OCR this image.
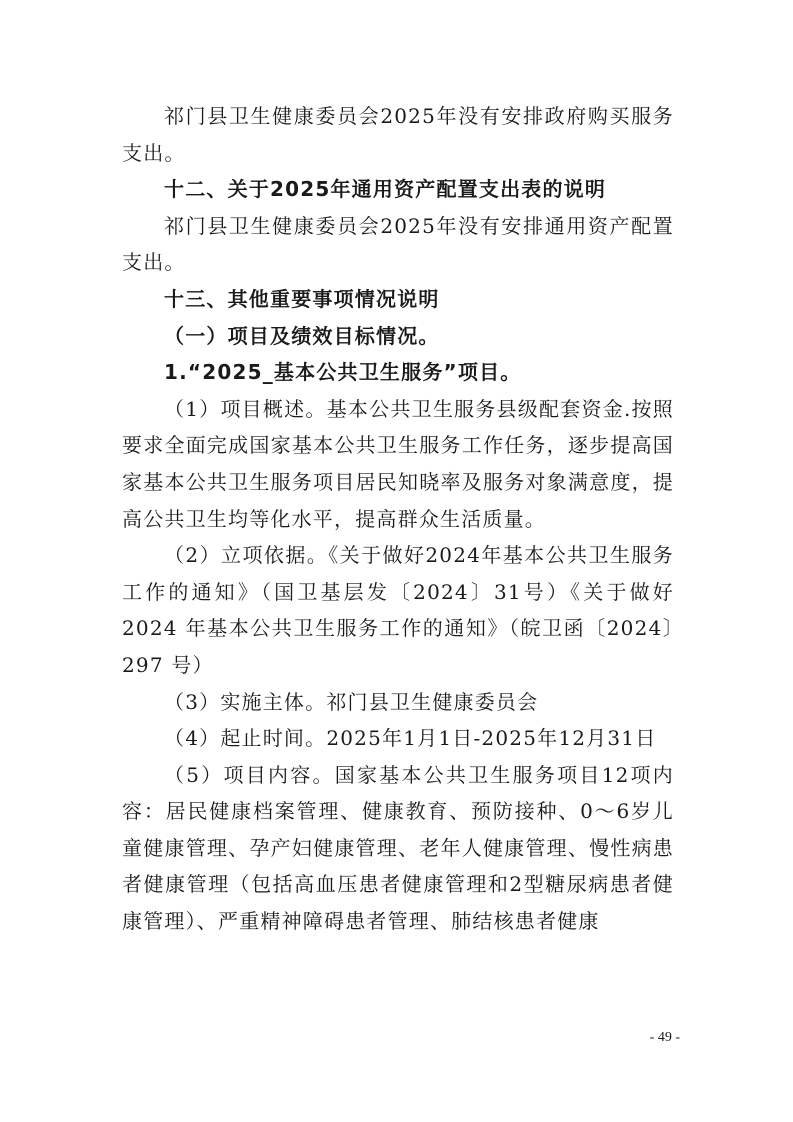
祁门县卫生健康委员会2025年没有安排政府购买服务支出。

十二、关于2025年通用资产配置支出表的说明

祁门县卫生健康委员会2025年没有安排通用资产配置支出。

十三、其他重要事项情况说明

（一）项目及绩效目标情况。

1.“2025_基本公共卫生服务”项目。

（1）项目概述。基本公共卫生服务县级配套资金.按照要求全面完成国家基本公共卫生服务工作任务，逐步提高国家基本公共卫生服务项目居民知晓率及服务对象满意度，提高公共卫生均等化水平，提高群众生活质量。

（2）立项依据。《关于做好2024年基本公共卫生服务工作的通知》（国卫基层发〔2024〕31号）《关于做好2024 年基本公共卫生服务工作的通知》（皖卫函〔2024〕297 号）

（3）实施主体。祁门县卫生健康委员会

（4）起止时间。2025年1月1日-2025年12月31日

（5）项目内容。国家基本公共卫生服务项目12项内容：居民健康档案管理、健康教育、预防接种、0～6岁儿童健康管理、孕产妇健康管理、老年人健康管理、慢性病患者健康管理（包括高血压患者健康管理和2型糖尿病患者健康管理）、严重精神障碍患者管理、肺结核患者健康

- 49 -
